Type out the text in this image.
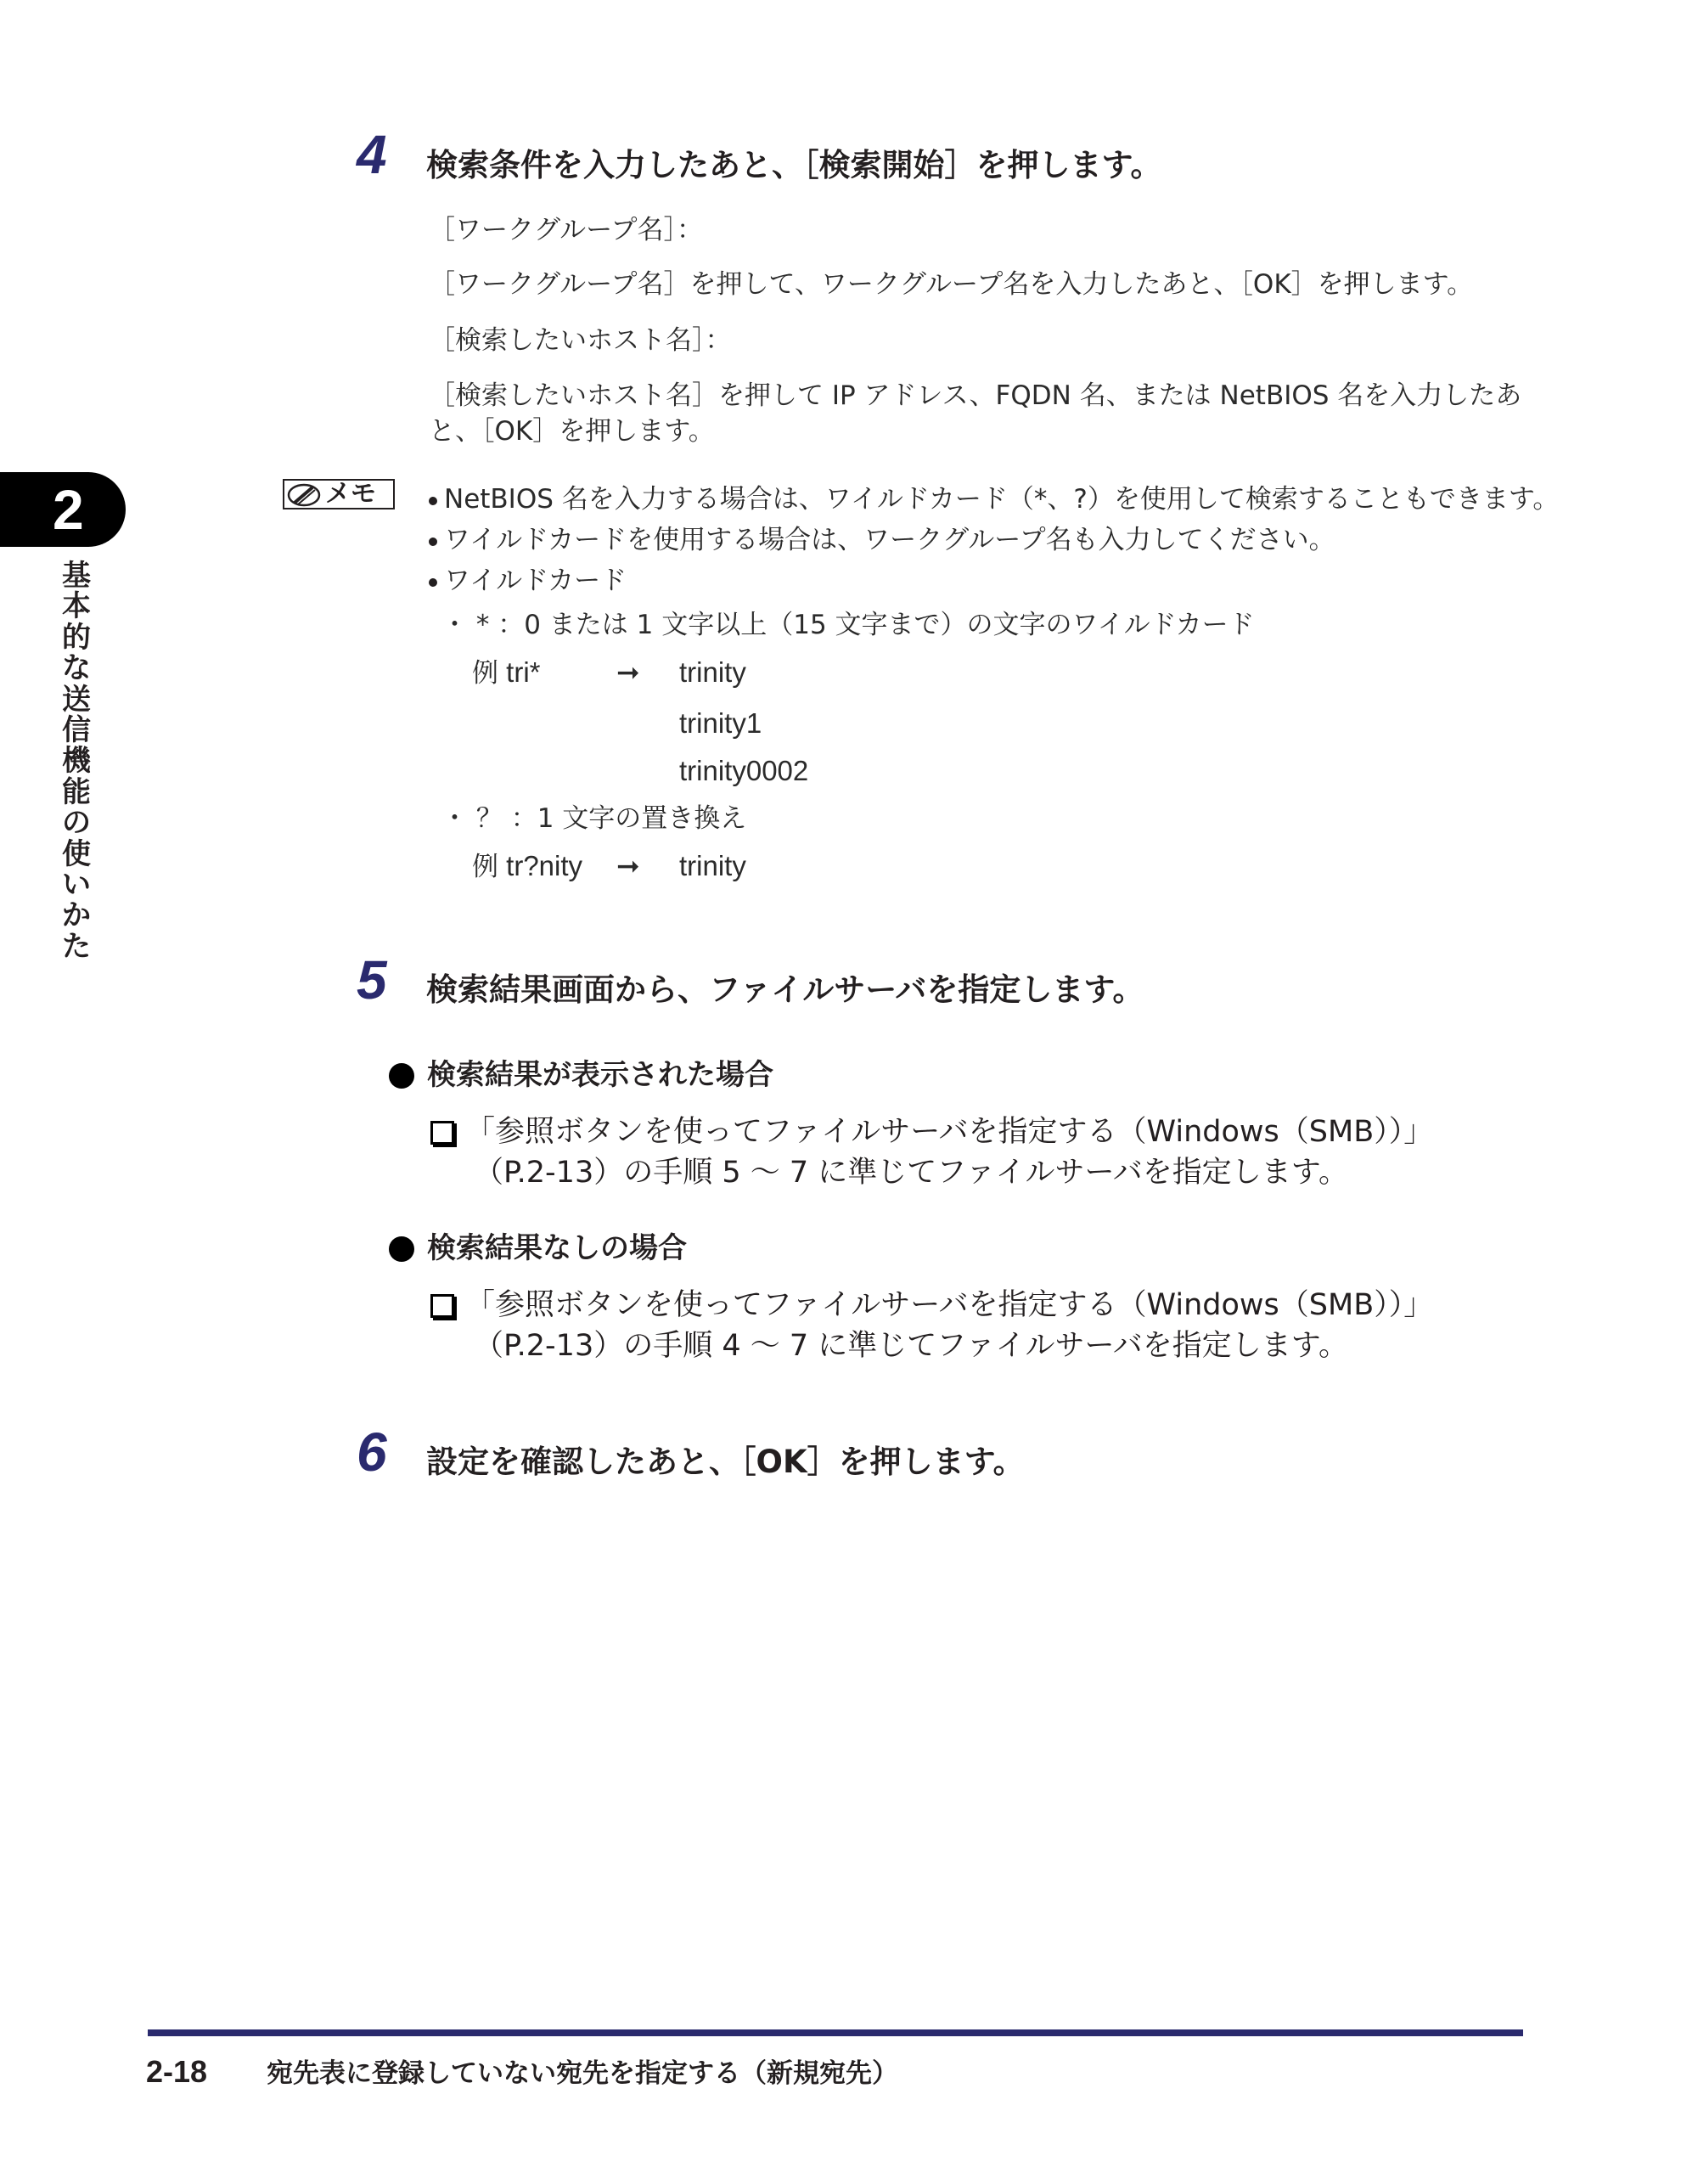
2
基本的な送信機能の使いかた
4 検索条件を入力したあと、［検索開始］を押します。
［ワークグループ名］：
［ワークグループ名］を押して、ワークグループ名を入力したあと、［OK］を押します。
［検索したいホスト名］：
［検索したいホスト名］を押して IP アドレス、FQDN 名、または NetBIOS 名を入力したあ
と、［OK］を押します。
メモ	NetBIOS 名を入力する場合は、ワイルドカード（*、?）を使用して検索することもできます。
ワイルドカードを使用する場合は、ワークグループ名も入力してください。
ワイルドカード
・ * ：0 または 1 文字以上（15 文字まで）の文字のワイルドカード
例 tri*	➞ trinity
trinity1
trinity0002
・ ？ ：1 文字の置き換え
例 tr?nity ➞ trinity
5 検索結果画面から、ファイルサーバを指定します。
検索結果が表示された場合
「参照ボタンを使ってファイルサーバを指定する（Windows（SMB））」
（P.2-13）の手順 5 〜 7 に準じてファイルサーバを指定します。
検索結果なしの場合
「参照ボタンを使ってファイルサーバを指定する（Windows（SMB））」
（P.2-13）の手順 4 〜 7 に準じてファイルサーバを指定します。
6 設定を確認したあと、［OK］を押します。
2-18 宛先表に登録していない宛先を指定する（新規宛先）
